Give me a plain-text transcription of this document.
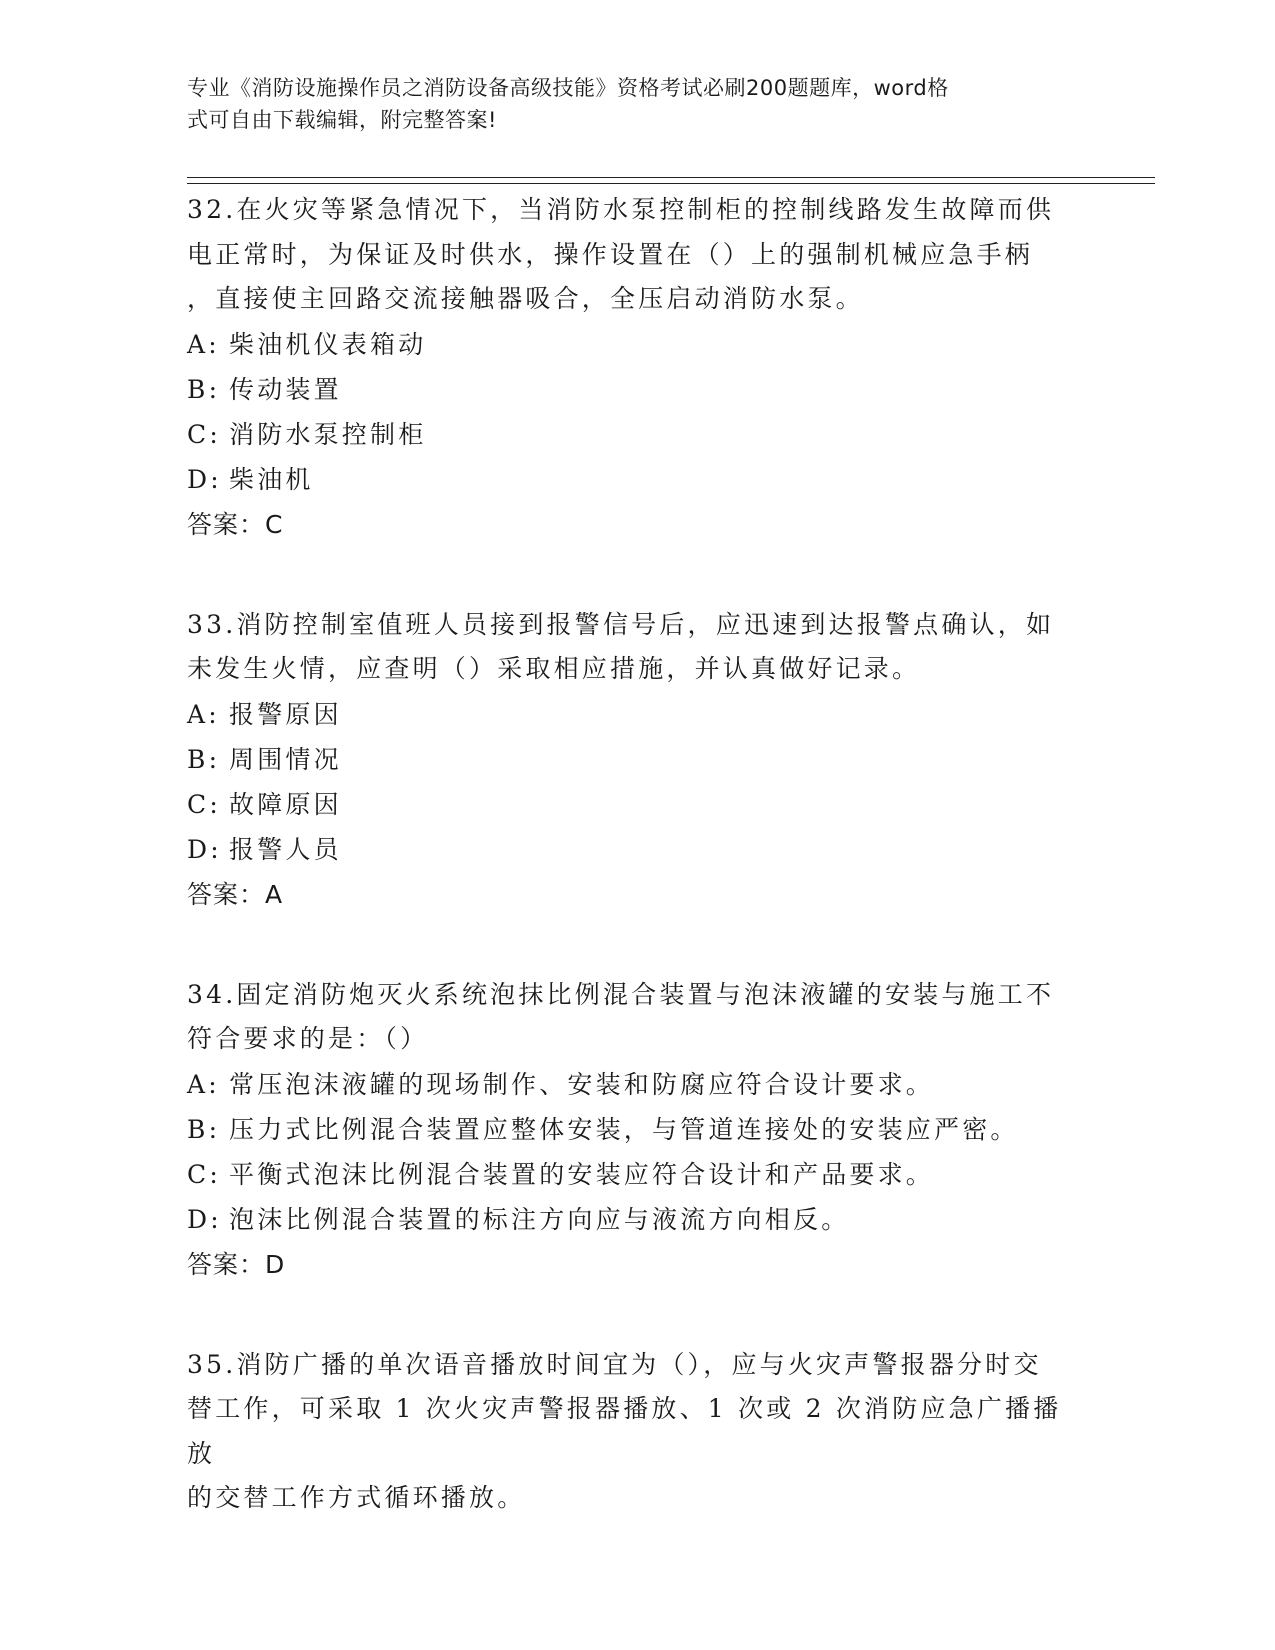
专业《消防设施操作员之消防设备高级技能》资格考试必刷200题题库，word格
式可自由下载编辑，附完整答案!

32.在火灾等紧急情况下，当消防水泵控制柜的控制线路发生故障而供

电正常时，为保证及时供水，操作设置在（）上的强制机械应急手柄

，直接使主回路交流接触器吸合，全压启动消防水泵。

A: 柴油机仪表箱动

B: 传动装置

C: 消防水泵控制柜

D: 柴油机

答案：C

33.消防控制室值班人员接到报警信号后，应迅速到达报警点确认，如

未发生火情，应查明（）采取相应措施，并认真做好记录。

A: 报警原因

B: 周围情况

C: 故障原因

D: 报警人员

答案：A

34.固定消防炮灭火系统泡抹比例混合装置与泡沫液罐的安装与施工不

符合要求的是：（）

A: 常压泡沫液罐的现场制作、安装和防腐应符合设计要求。

B: 压力式比例混合装置应整体安装，与管道连接处的安装应严密。

C: 平衡式泡沫比例混合装置的安装应符合设计和产品要求。

D: 泡沫比例混合装置的标注方向应与液流方向相反。

答案：D

35.消防广播的单次语音播放时间宜为（），应与火灾声警报器分时交

替工作，可采取 1 次火灾声警报器播放、1 次或 2 次消防应急广播播放

的交替工作方式循环播放。
